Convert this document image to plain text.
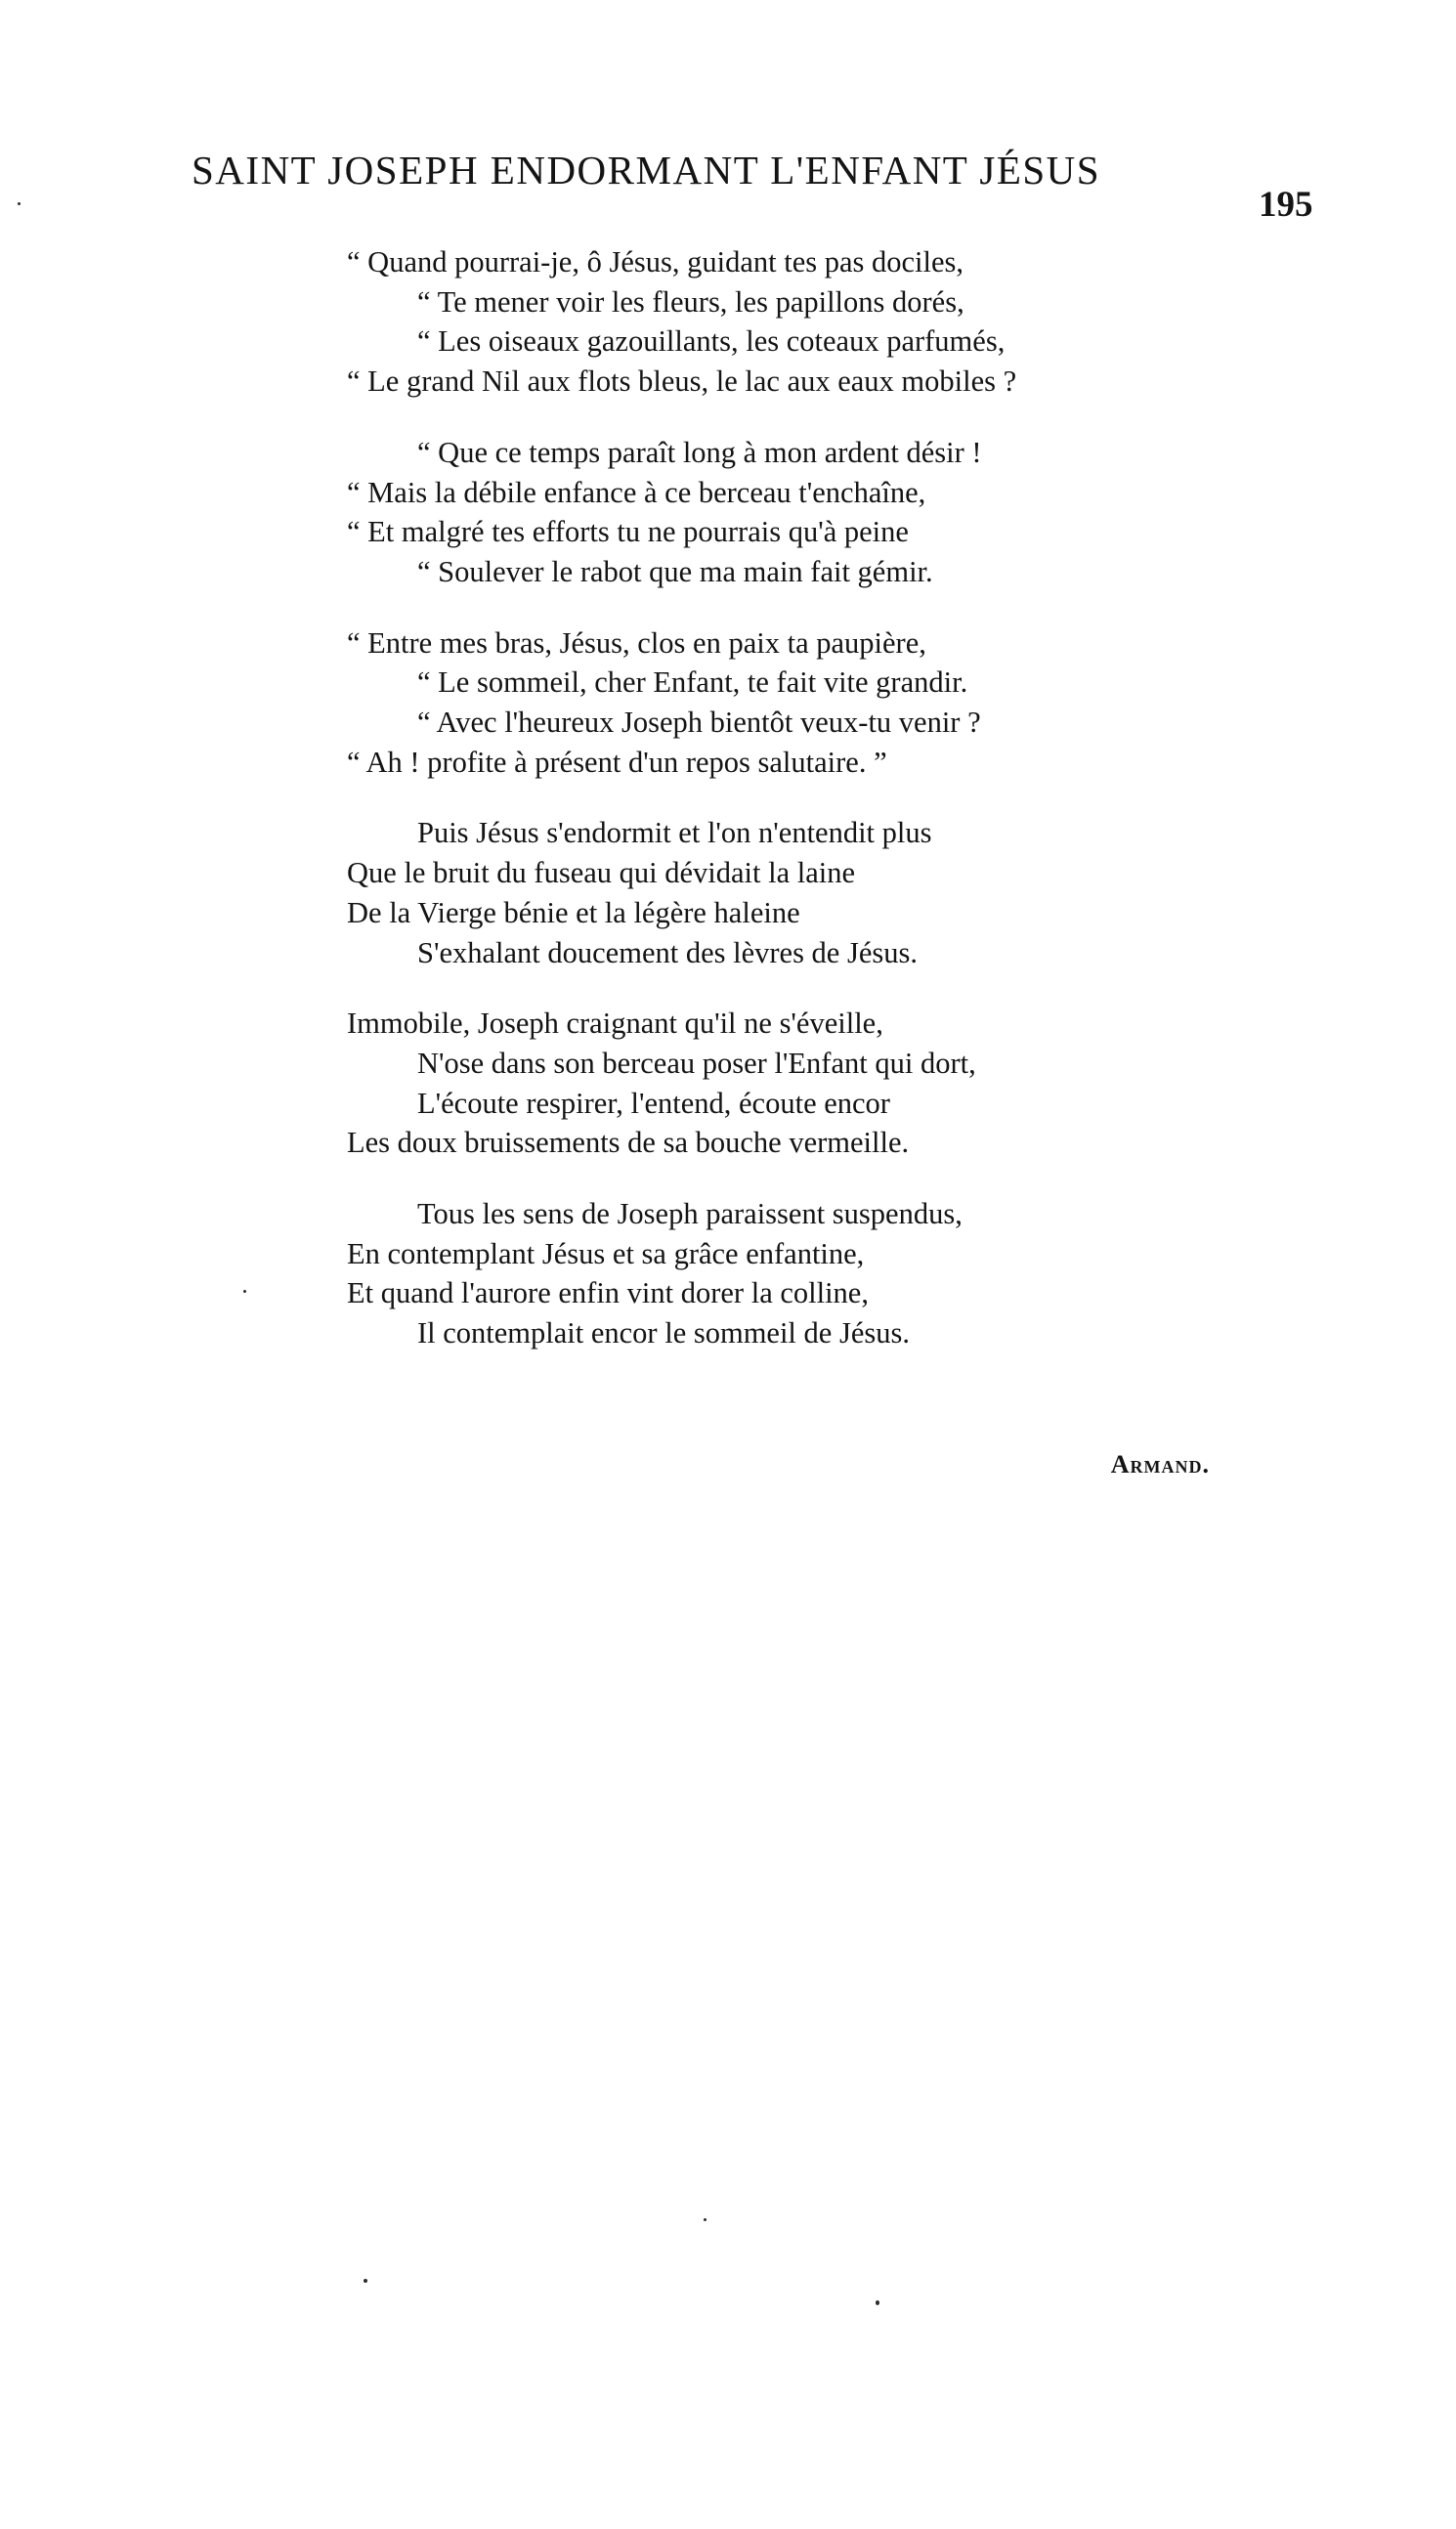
SAINT JOSEPH ENDORMANT L'ENFANT JÉSUS
195
“ Quand pourrai-je, ô Jésus, guidant tes pas dociles,
“ Te mener voir les fleurs, les papillons dorés,
“ Les oiseaux gazouillants, les coteaux parfumés,
“ Le grand Nil aux flots bleus, le lac aux eaux mobiles ?
“ Que ce temps paraît long à mon ardent désir !
“ Mais la débile enfance à ce berceau t'enchaîne,
“ Et malgré tes efforts tu ne pourrais qu'à peine
“ Soulever le rabot que ma main fait gémir.
“ Entre mes bras, Jésus, clos en paix ta paupière,
“ Le sommeil, cher Enfant, te fait vite grandir.
“ Avec l'heureux Joseph bientôt veux-tu venir ?
“ Ah ! profite à présent d'un repos salutaire. ”
Puis Jésus s'endormit et l'on n'entendit plus
Que le bruit du fuseau qui dévidait la laine
De la Vierge bénie et la légère haleine
S'exhalant doucement des lèvres de Jésus.
Immobile, Joseph craignant qu'il ne s'éveille,
N'ose dans son berceau poser l'Enfant qui dort,
L'écoute respirer, l'entend, écoute encor
Les doux bruissements de sa bouche vermeille.
Tous les sens de Joseph paraissent suspendus,
En contemplant Jésus et sa grâce enfantine,
Et quand l'aurore enfin vint dorer la colline,
Il contemplait encor le sommeil de Jésus.
Armand.
